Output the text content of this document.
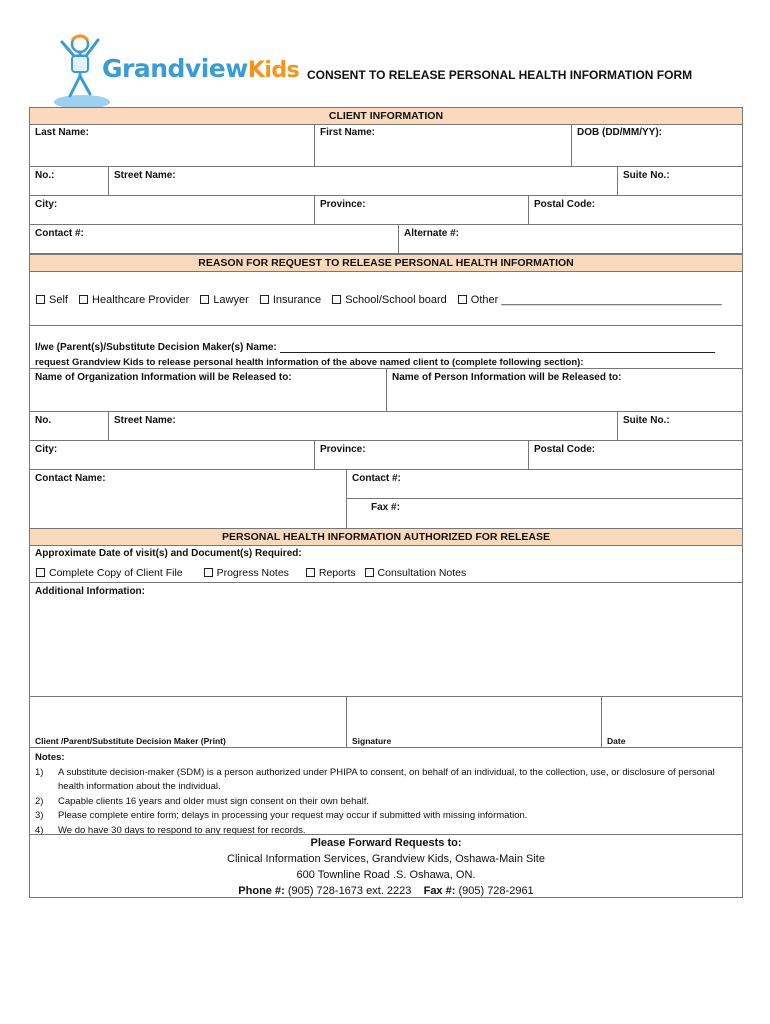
GrandviewKids CONSENT TO RELEASE PERSONAL HEALTH INFORMATION FORM
CLIENT INFORMATION
Last Name:	First Name:	DOB (DD/MM/YY):
No.:	Street Name:	Suite No.:
City:	Province:	Postal Code:
Contact #:	Alternate #:
REASON FOR REQUEST TO RELEASE PERSONAL HEALTH INFORMATION
Self Healthcare Provider Lawyer Insurance School/School board Other ____________________________________
I/we (Parent(s)/Substitute Decision Maker(s) Name:
request Grandview Kids to release personal health information of the above named client to (complete following section):
Name of Organization Information will be Released to:	Name of Person Information will be Released to:
No.	Street Name:	Suite No.:
City:	Province:	Postal Code:
Contact Name:	Contact #:
Fax #:
PERSONAL HEALTH INFORMATION AUTHORIZED FOR RELEASE
Approximate Date of visit(s) and Document(s) Required:
Complete Copy of Client File	Progress Notes	Reports Consultation Notes
Additional Information:
Client /Parent/Substitute Decision Maker (Print)	Signature	Date
Notes:
1)	A substitute decision-maker (SDM) is a person authorized under PHIPA to consent, on behalf of an individual, to the collection, use, or disclosure of personal health information about the individual.
2)	Capable clients 16 years and older must sign consent on their own behalf.
3)	Please complete entire form; delays in processing your request may occur if submitted with missing information.
4)	We do have 30 days to respond to any request for records.
Please Forward Requests to:
Clinical Information Services, Grandview Kids, Oshawa-Main Site
600 Townline Road .S. Oshawa, ON.
Phone #: (905) 728-1673 ext. 2223 Fax #: (905) 728-2961
